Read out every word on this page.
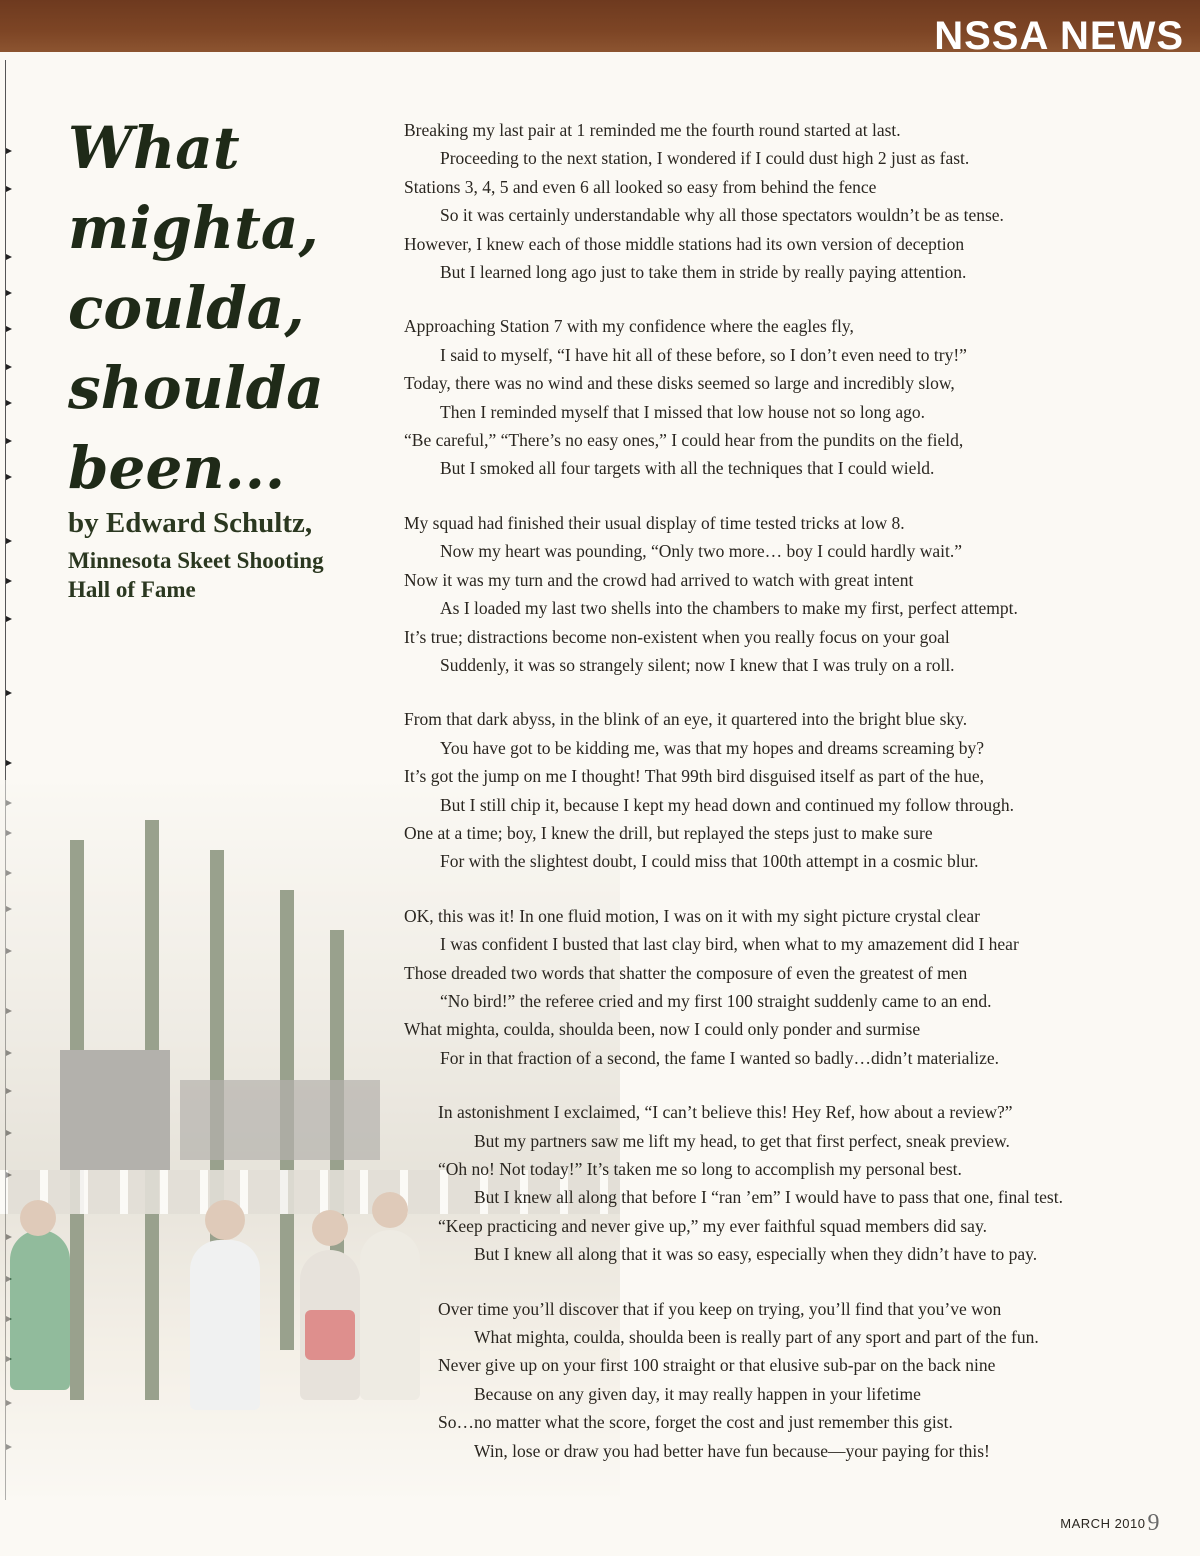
NSSA NEWS
What
mighta,
coulda,
shoulda
been...
by Edward Schultz,
Minnesota Skeet Shooting
Hall of Fame
Breaking my last pair at 1 reminded me the fourth round started at last.
Proceeding to the next station, I wondered if I could dust high 2 just as fast.
Stations 3, 4, 5 and even 6 all looked so easy from behind the fence
So it was certainly understandable why all those spectators wouldn’t be as tense.
However, I knew each of those middle stations had its own version of deception
But I learned long ago just to take them in stride by really paying attention.
Approaching Station 7 with my confidence where the eagles fly,
I said to myself, “I have hit all of these before, so I don’t even need to try!”
Today, there was no wind and these disks seemed so large and incredibly slow,
Then I reminded myself that I missed that low house not so long ago.
“Be careful,” “There’s no easy ones,” I could hear from the pundits on the field,
But I smoked all four targets with all the techniques that I could wield.
My squad had finished their usual display of time tested tricks at low 8.
Now my heart was pounding, “Only two more… boy I could hardly wait.”
Now it was my turn and the crowd had arrived to watch with great intent
As I loaded my last two shells into the chambers to make my first, perfect attempt.
It’s true; distractions become non-existent when you really focus on your goal
Suddenly, it was so strangely silent; now I knew that I was truly on a roll.
From that dark abyss, in the blink of an eye, it quartered into the bright blue sky.
You have got to be kidding me, was that my hopes and dreams screaming by?
It’s got the jump on me I thought! That 99th bird disguised itself as part of the hue,
But I still chip it, because I kept my head down and continued my follow through.
One at a time; boy, I knew the drill, but replayed the steps just to make sure
For with the slightest doubt, I could miss that 100th attempt in a cosmic blur.
OK, this was it! In one fluid motion, I was on it with my sight picture crystal clear
I was confident I busted that last clay bird, when what to my amazement did I hear
Those dreaded two words that shatter the composure of even the greatest of men
“No bird!” the referee cried and my first 100 straight suddenly came to an end.
What mighta, coulda, shoulda been, now I could only ponder and surmise
For in that fraction of a second, the fame I wanted so badly…didn’t materialize.
In astonishment I exclaimed, “I can’t believe this! Hey Ref, how about a review?”
But my partners saw me lift my head, to get that first perfect, sneak preview.
“Oh no! Not today!” It’s taken me so long to accomplish my personal best.
But I knew all along that before I “ran ’em” I would have to pass that one, final test.
“Keep practicing and never give up,” my ever faithful squad members did say.
But I knew all along that it was so easy, especially when they didn’t have to pay.
Over time you’ll discover that if you keep on trying, you’ll find that you’ve won
What mighta, coulda, shoulda been is really part of any sport and part of the fun.
Never give up on your first 100 straight or that elusive sub-par on the back nine
Because on any given day, it may really happen in your lifetime
So…no matter what the score, forget the cost and just remember this gist.
Win, lose or draw you had better have fun because—your paying for this!
MARCH 20109
